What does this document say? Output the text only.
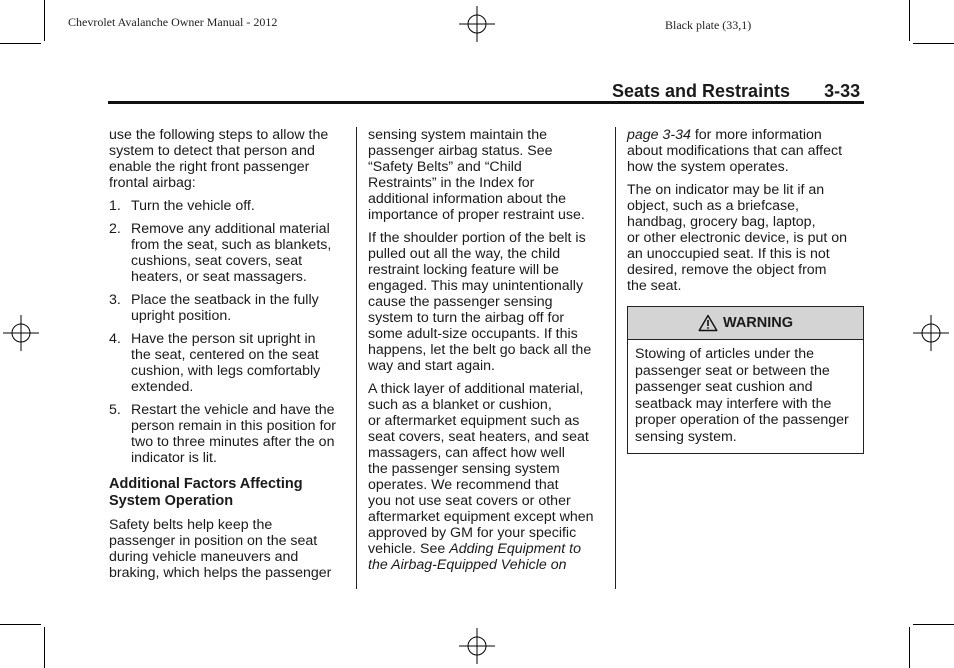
Chevrolet Avalanche Owner Manual - 2012	Black plate (33,1)
Seats and Restraints 3-33

use the following steps to allow the
system to detect that person and
enable the right front passenger
frontal airbag:

1. Turn the vehicle off.
2. Remove any additional material
from the seat, such as blankets,
cushions, seat covers, seat
heaters, or seat massagers.
3. Place the seatback in the fully
upright position.
4. Have the person sit upright in
the seat, centered on the seat
cushion, with legs comfortably
extended.
5. Restart the vehicle and have the
person remain in this position for
two to three minutes after the on
indicator is lit.
Additional Factors Affecting
System Operation

Safety belts help keep the
passenger in position on the seat
during vehicle maneuvers and
braking, which helps the passenger

sensing system maintain the
passenger airbag status. See
“Safety Belts” and “Child
Restraints” in the Index for
additional information about the
importance of proper restraint use.

If the shoulder portion of the belt is
pulled out all the way, the child
restraint locking feature will be
engaged. This may unintentionally
cause the passenger sensing
system to turn the airbag off for
some adult-size occupants. If this
happens, let the belt go back all the
way and start again.

A thick layer of additional material,
such as a blanket or cushion,
or aftermarket equipment such as
seat covers, seat heaters, and seat
massagers, can affect how well
the passenger sensing system
operates. We recommend that
you not use seat covers or other
aftermarket equipment except when
approved by GM for your specific
vehicle. See Adding Equipment to
the Airbag-Equipped Vehicle on

page 3-34 for more information
about modifications that can affect
how the system operates.

The on indicator may be lit if an
object, such as a briefcase,
handbag, grocery bag, laptop,
or other electronic device, is put on
an unoccupied seat. If this is not
desired, remove the object from
the seat.

WARNING
Stowing of articles under the
passenger seat or between the
passenger seat cushion and
seatback may interfere with the
proper operation of the passenger
sensing system.
